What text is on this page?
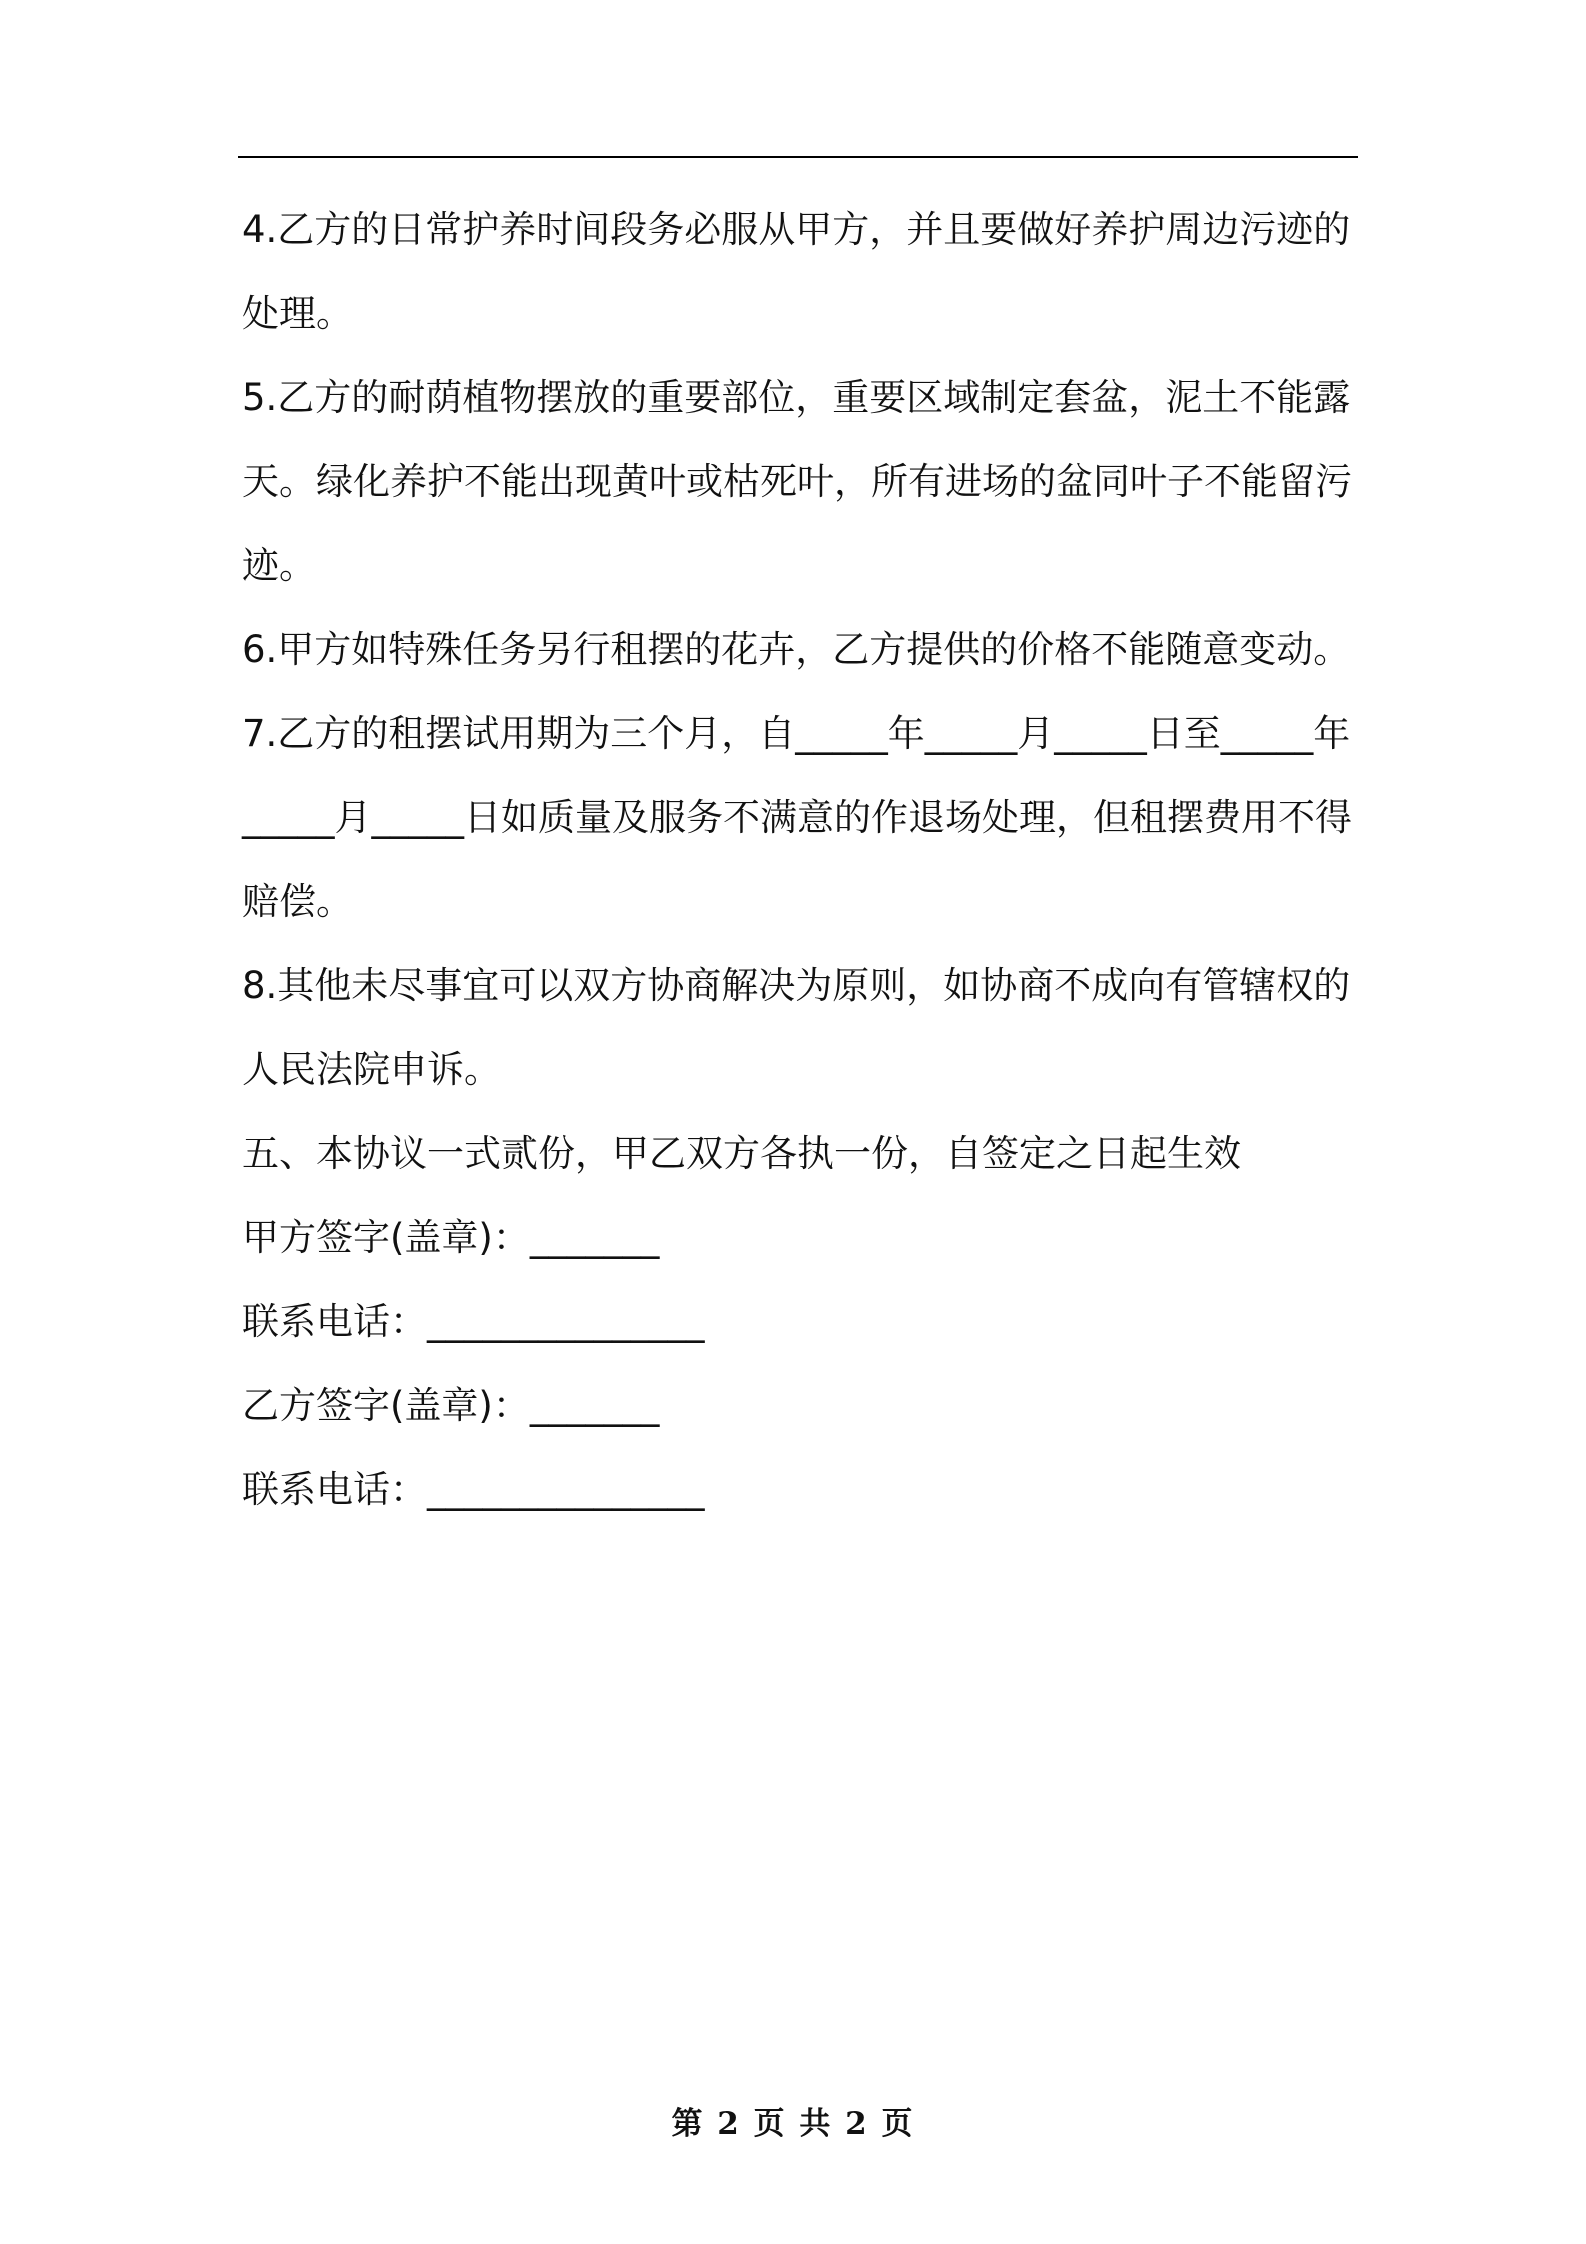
4.乙方的日常护养时间段务必服从甲方，并且要做好养护周边污迹的处理。

5.乙方的耐荫植物摆放的重要部位，重要区域制定套盆，泥土不能露天。绿化养护不能出现黄叶或枯死叶，所有进场的盆同叶子不能留污迹。

6.甲方如特殊任务另行租摆的花卉，乙方提供的价格不能随意变动。

7.乙方的租摆试用期为三个月，自_____年_____月_____日至_____年_____月_____日如质量及服务不满意的作退场处理，但租摆费用不得赔偿。

8.其他未尽事宜可以双方协商解决为原则，如协商不成向有管辖权的人民法院申诉。

五、本协议一式贰份，甲乙双方各执一份，自签定之日起生效

甲方签字(盖章)：_______

联系电话：_______________

乙方签字(盖章)：_______

联系电话：_______________

第 2 页 共 2 页
